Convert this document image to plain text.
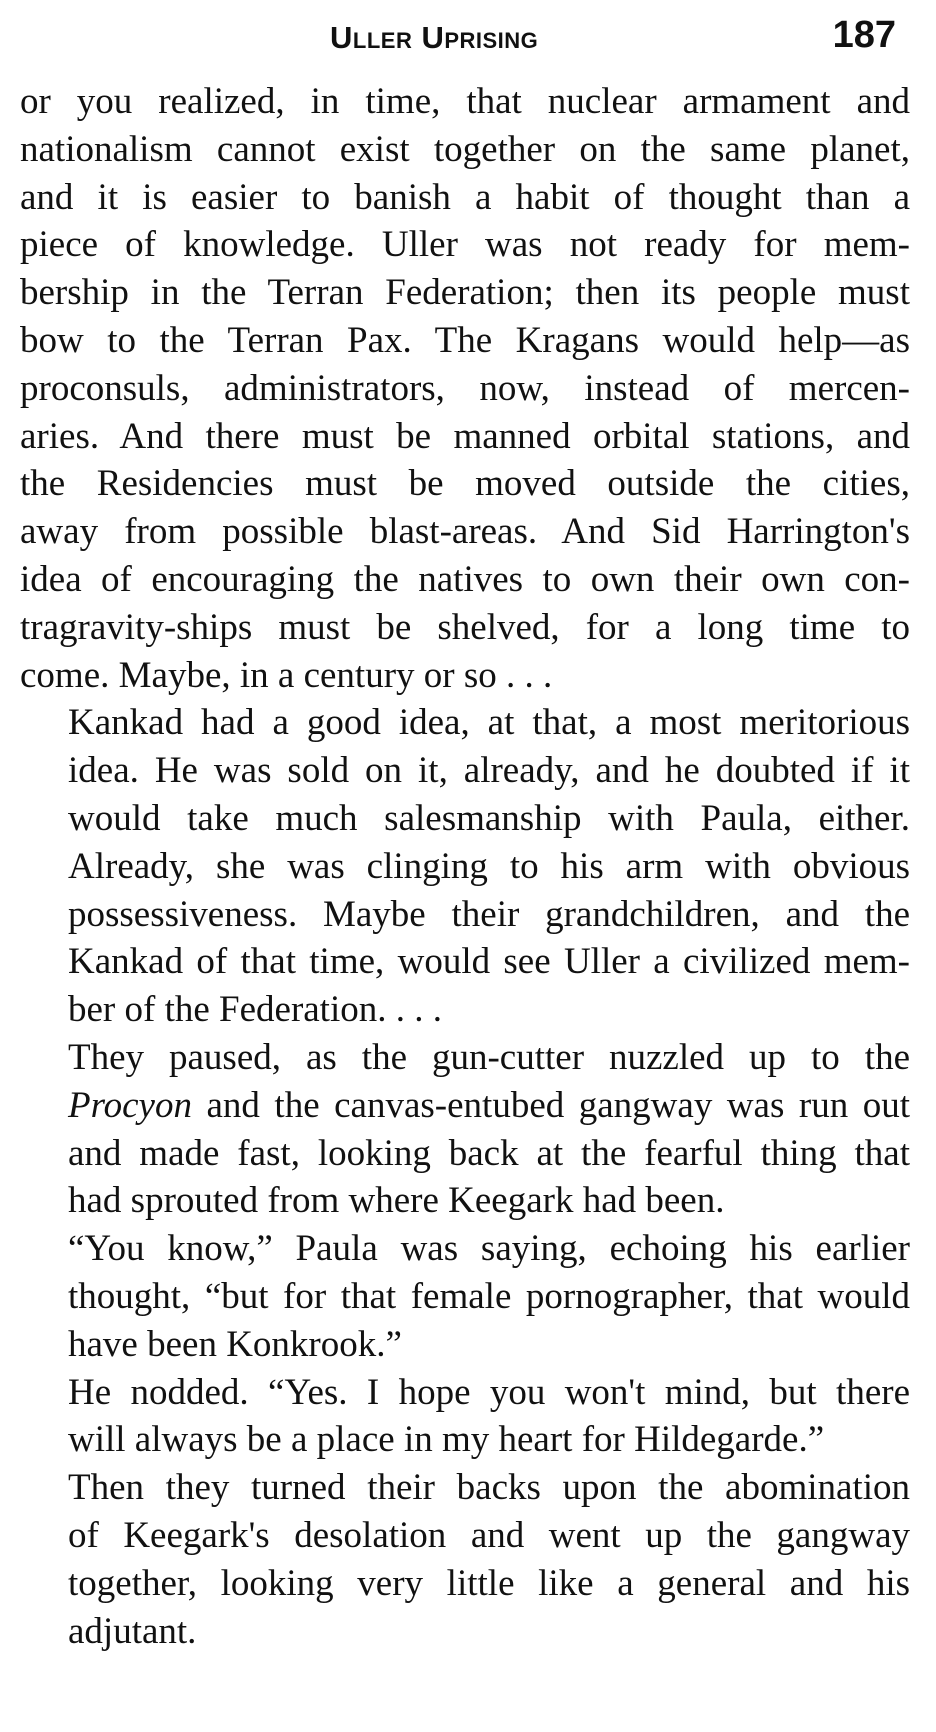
Uller Uprising	187

or you realized, in time, that nuclear armament and
nationalism cannot exist together on the same planet,
and it is easier to banish a habit of thought than a
piece of knowledge. Uller was not ready for mem-
bership in the Terran Federation; then its people must
bow to the Terran Pax. The Kragans would help—as
proconsuls, administrators, now, instead of mercen-
aries. And there must be manned orbital stations, and
the Residencies must be moved outside the cities,
away from possible blast-areas. And Sid Harrington's
idea of encouraging the natives to own their own con-
tragravity-ships must be shelved, for a long time to
come. Maybe, in a century or so . . .

Kankad had a good idea, at that, a most meritorious
idea. He was sold on it, already, and he doubted if it
would take much salesmanship with Paula, either.
Already, she was clinging to his arm with obvious
possessiveness. Maybe their grandchildren, and the
Kankad of that time, would see Uller a civilized mem-
ber of the Federation. . . .

They paused, as the gun-cutter nuzzled up to the
Procyon and the canvas-entubed gangway was run out
and made fast, looking back at the fearful thing that
had sprouted from where Keegark had been.

“You know,” Paula was saying, echoing his earlier
thought, “but for that female pornographer, that would
have been Konkrook.”

He nodded. “Yes. I hope you won't mind, but there
will always be a place in my heart for Hildegarde.”

Then they turned their backs upon the abomination
of Keegark's desolation and went up the gangway
together, looking very little like a general and his
adjutant.
